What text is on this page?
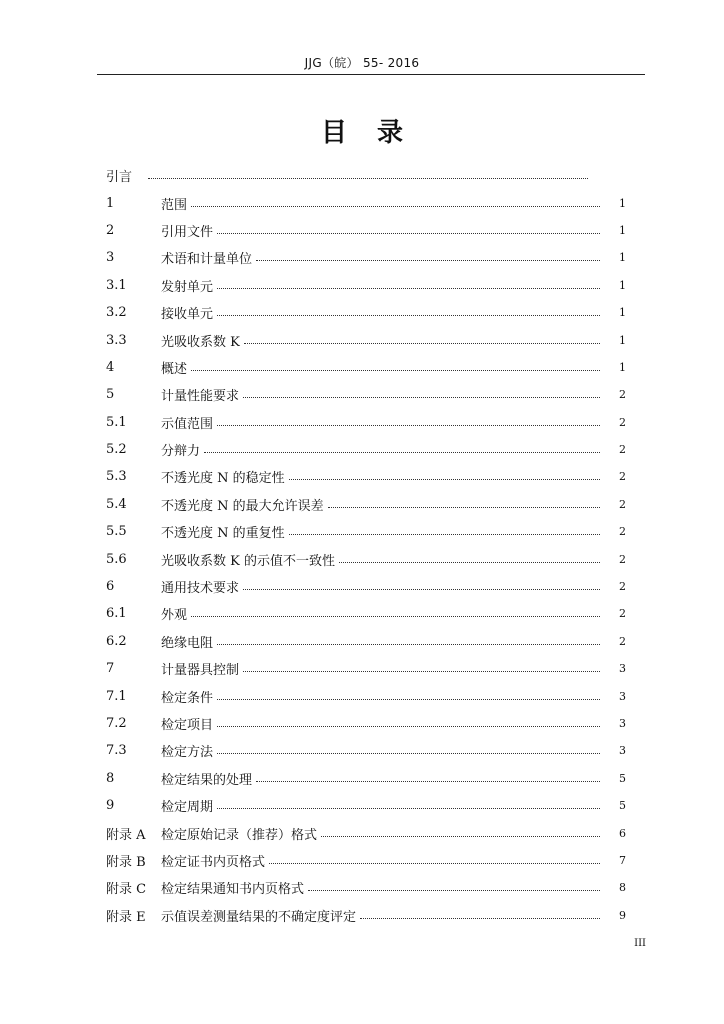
JJG（皖） 55- 2016
目录
引言
1	范围	1
2	引用文件	1
3	术语和计量单位	1
3.1	发射单元	1
3.2	接收单元	1
3.3	光吸收系数 K	1
4	概述	1
5	计量性能要求	2
5.1	示值范围	2
5.2	分辩力	2
5.3	不透光度 N 的稳定性	2
5.4	不透光度 N 的最大允许误差	2
5.5	不透光度 N 的重复性	2
5.6	光吸收系数 K 的示值不一致性	2
6	通用技术要求	2
6.1	外观	2
6.2	绝缘电阻	2
7	计量器具控制	3
7.1	检定条件	3
7.2	检定项目	3
7.3	检定方法	3
8	检定结果的处理	5
9	检定周期	5
附录 A	检定原始记录（推荐）格式	6
附录 B	检定证书内页格式	7
附录 C	检定结果通知书内页格式	8
附录 E	示值误差测量结果的不确定度评定	9
III
